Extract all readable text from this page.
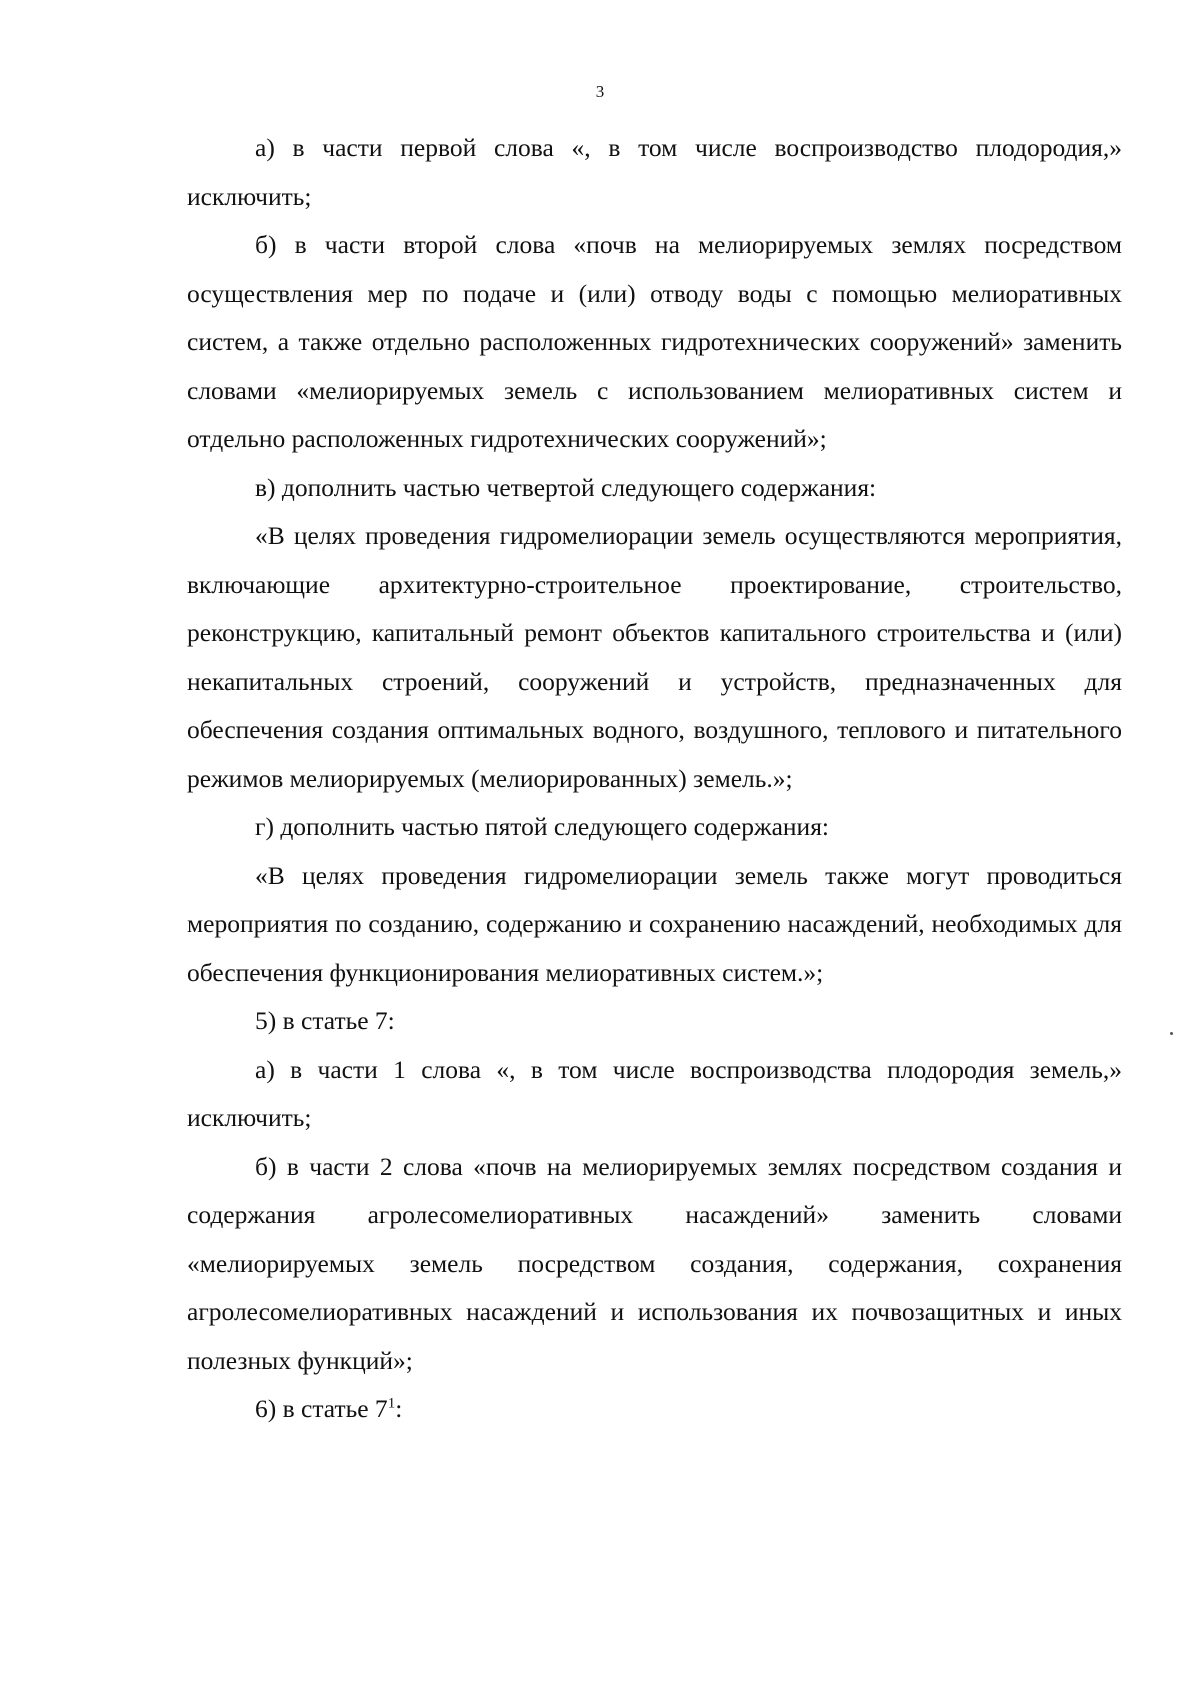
3

а) в части первой слова «, в том числе воспроизводство плодородия,» исключить;

б) в части второй слова «почв на мелиорируемых землях посредством осуществления мер по подаче и (или) отводу воды с помощью мелиоративных систем, а также отдельно расположенных гидротехнических сооружений» заменить словами «мелиорируемых земель с использованием мелиоративных систем и отдельно расположенных гидротехнических сооружений»;

в) дополнить частью четвертой следующего содержания:

«В целях проведения гидромелиорации земель осуществляются мероприятия, включающие архитектурно-строительное проектирование, строительство, реконструкцию, капитальный ремонт объектов капитального строительства и (или) некапитальных строений, сооружений и устройств, предназначенных для обеспечения создания оптимальных водного, воздушного, теплового и питательного режимов мелиорируемых (мелиорированных) земель.»;

г) дополнить частью пятой следующего содержания:

«В целях проведения гидромелиорации земель также могут проводиться мероприятия по созданию, содержанию и сохранению насаждений, необходимых для обеспечения функционирования мелиоративных систем.»;

5) в статье 7:

а) в части 1 слова «, в том числе воспроизводства плодородия земель,» исключить;

б) в части 2 слова «почв на мелиорируемых землях посредством создания и содержания агролесомелиоративных насаждений» заменить словами «мелиорируемых земель посредством создания, содержания, сохранения агролесомелиоративных насаждений и использования их почвозащитных и иных полезных функций»;

6) в статье $7^1$:
